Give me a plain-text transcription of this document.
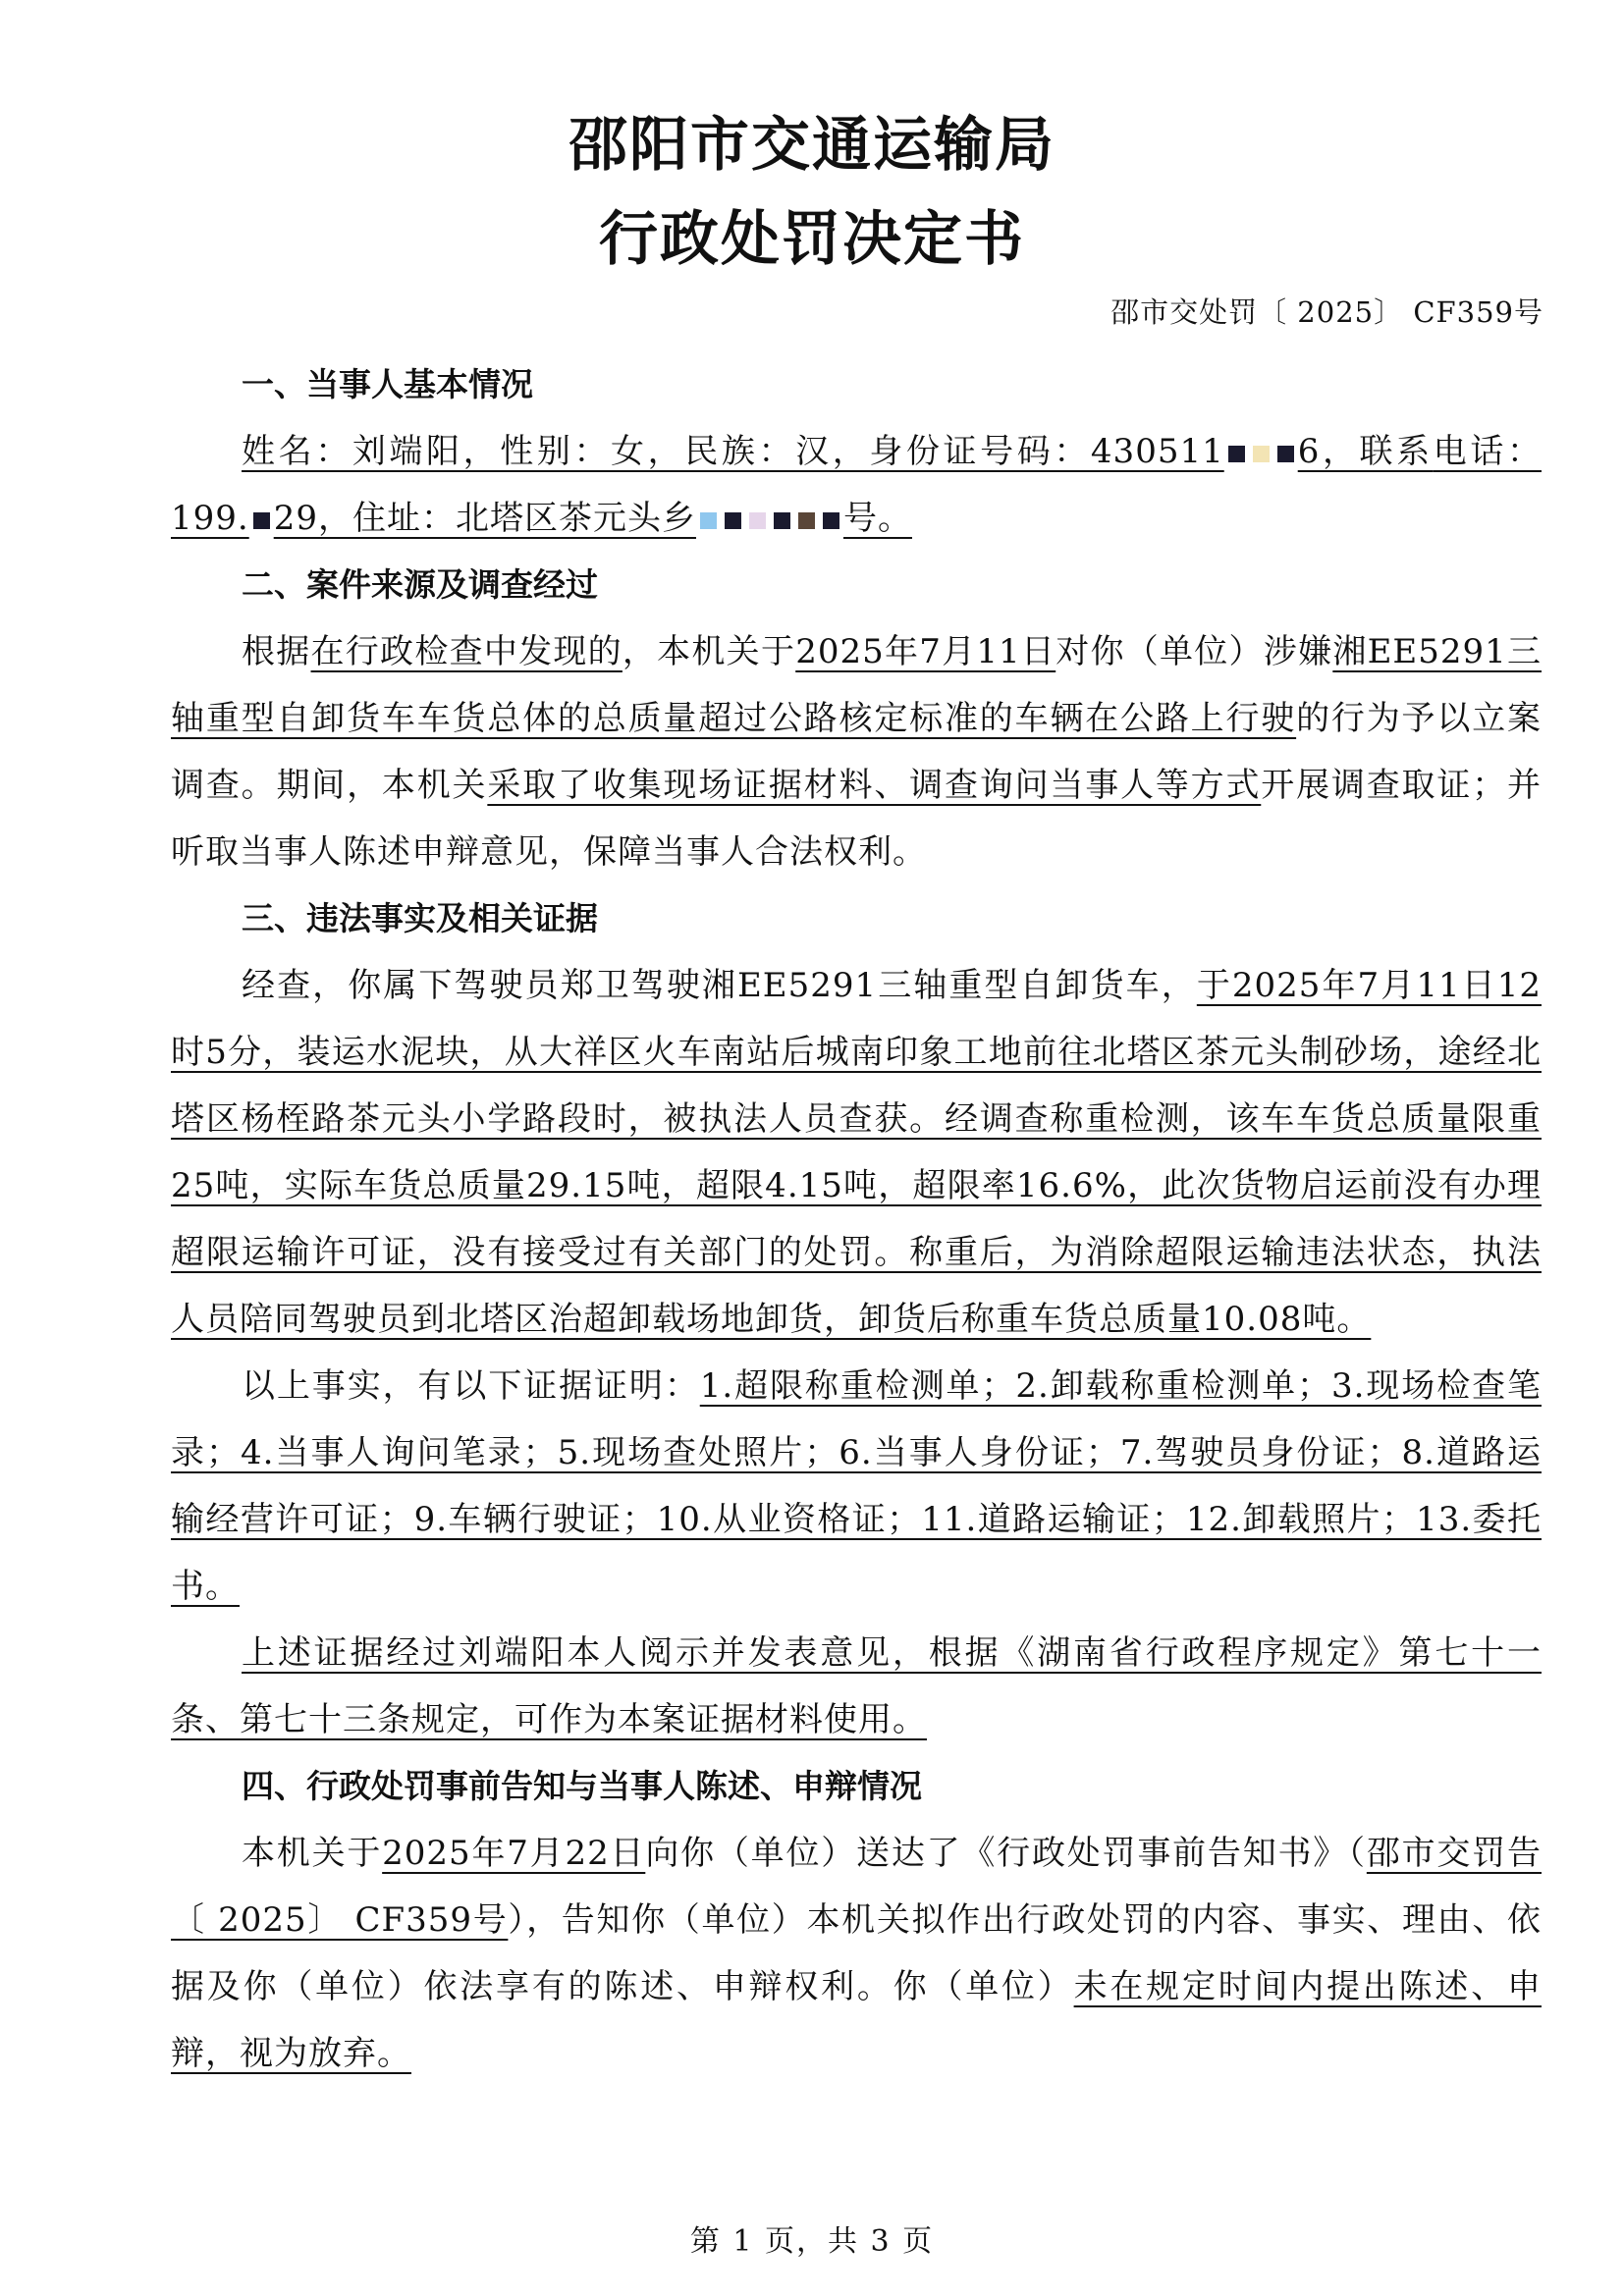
邵阳市交通运输局
行政处罚决定书
邵市交处罚〔 2025〕 CF359号
一、当事人基本情况

姓名：刘端阳，性别：女，民族：汉，身份证号码：430511 6，联系电话：199. 29，住址：北塔区茶元头乡	号。

二、案件来源及调查经过

根据在行政检查中发现的，本机关于2025年7月11日对你（单位）涉嫌湘EE5291三轴重型自卸货车车货总体的总质量超过公路核定标准的车辆在公路上行驶的行为予以立案调查。期间，本机关采取了收集现场证据材料、调查询问当事人等方式开展调查取证；并听取当事人陈述申辩意见，保障当事人合法权利。

三、违法事实及相关证据

经查，你属下驾驶员郑卫驾驶湘EE5291三轴重型自卸货车，于2025年7月11日12时5分，装运水泥块，从大祥区火车南站后城南印象工地前往北塔区茶元头制砂场，途经北塔区杨桎路茶元头小学路段时，被执法人员查获。经调查称重检测，该车车货总质量限重25吨，实际车货总质量29.15吨，超限4.15吨，超限率16.6%，此次货物启运前没有办理超限运输许可证，没有接受过有关部门的处罚。称重后，为消除超限运输违法状态，执法人员陪同驾驶员到北塔区治超卸载场地卸货，卸货后称重车货总质量10.08吨。

以上事实，有以下证据证明：1.超限称重检测单；2.卸载称重检测单；3.现场检查笔录；4.当事人询问笔录；5.现场查处照片；6.当事人身份证；7.驾驶员身份证；8.道路运输经营许可证；9.车辆行驶证；10.从业资格证；11.道路运输证；12.卸载照片；13.委托书。

上述证据经过刘端阳本人阅示并发表意见，根据《湖南省行政程序规定》第七十一条、第七十三条规定，可作为本案证据材料使用。

四、行政处罚事前告知与当事人陈述、申辩情况

本机关于2025年7月22日向你（单位）送达了《行政处罚事前告知书》（邵市交罚告〔 2025〕 CF359号），告知你（单位）本机关拟作出行政处罚的内容、事实、理由、依据及你（单位）依法享有的陈述、申辩权利。你（单位）未在规定时间内提出陈述、申辩，视为放弃。

第 1 页，共 3 页
